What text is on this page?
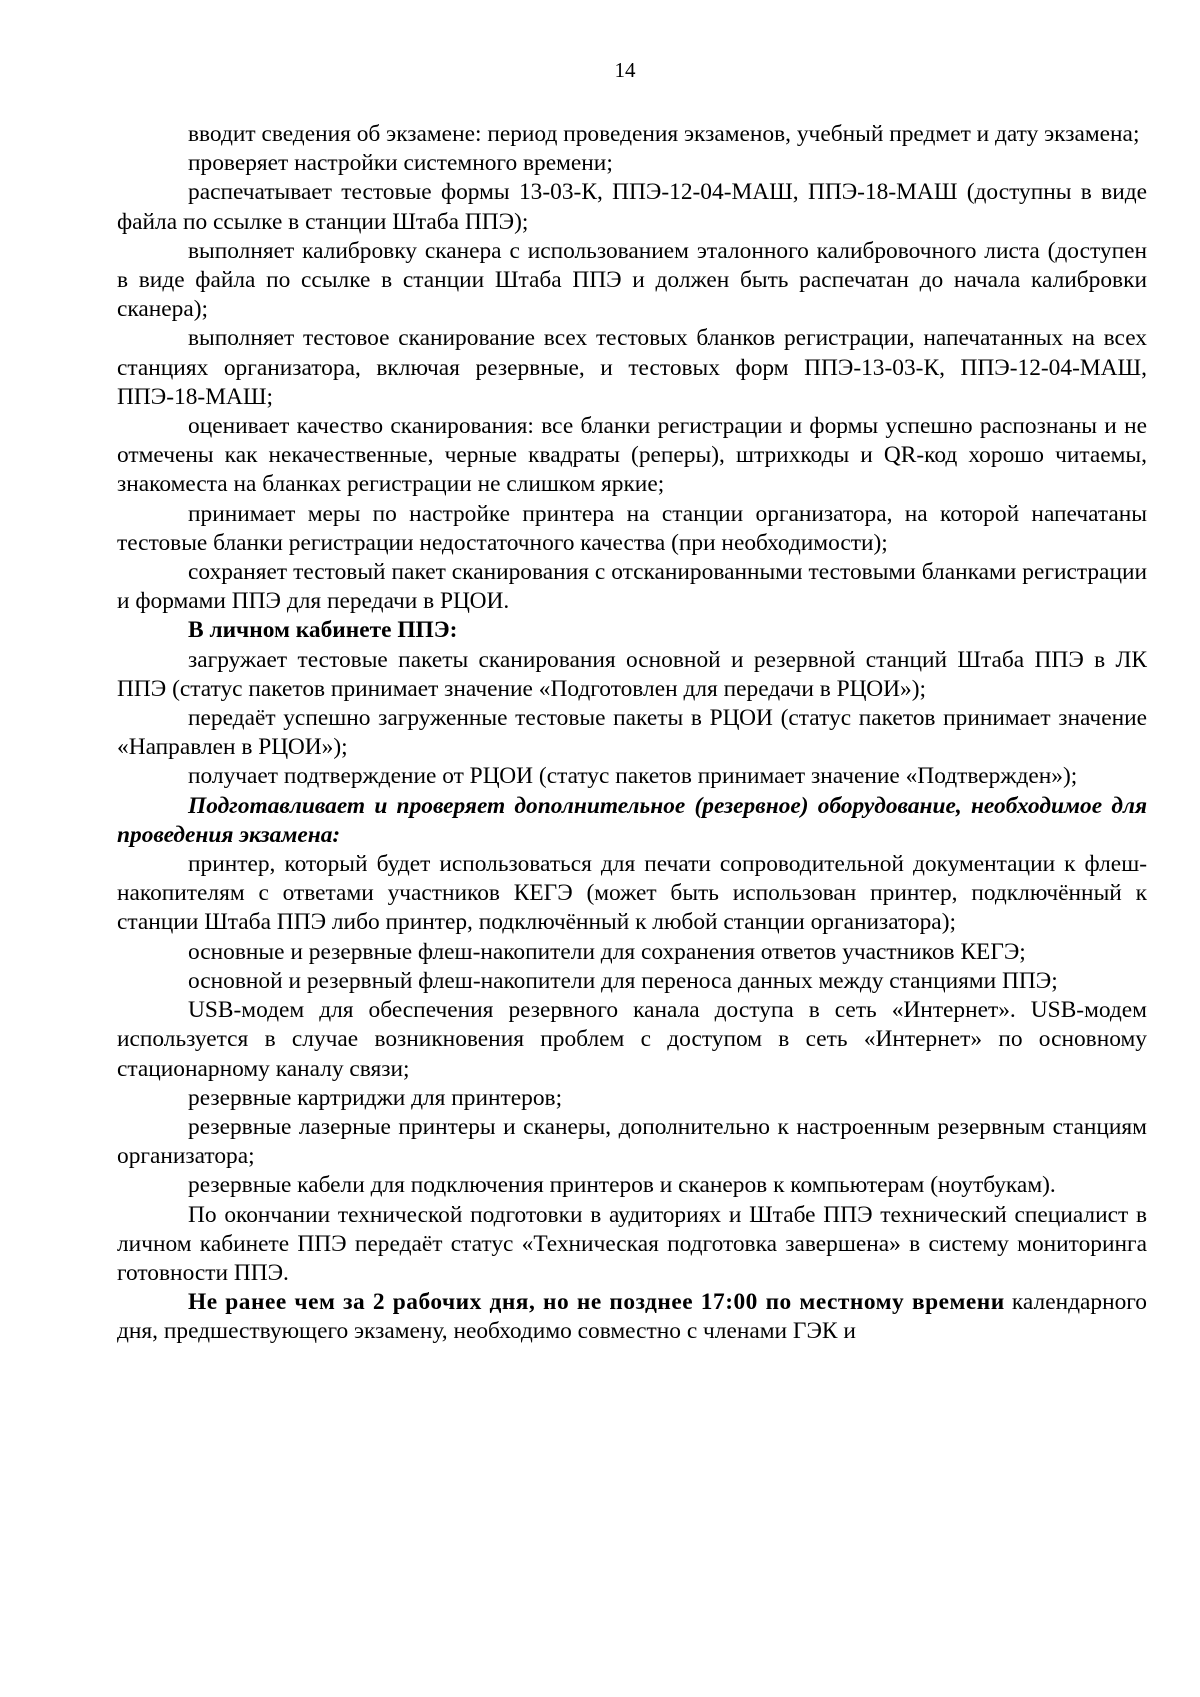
14

вводит сведения об экзамене: период проведения экзаменов, учебный предмет и дату экзамена;

проверяет настройки системного времени;

распечатывает тестовые формы 13-03-К, ППЭ-12-04-МАШ, ППЭ-18-МАШ (доступны в виде файла по ссылке в станции Штаба ППЭ);

выполняет калибровку сканера с использованием эталонного калибровочного листа (доступен в виде файла по ссылке в станции Штаба ППЭ и должен быть распечатан до начала калибровки сканера);

выполняет тестовое сканирование всех тестовых бланков регистрации, напечатанных на всех станциях организатора, включая резервные, и тестовых форм ППЭ-13-03-К, ППЭ-12-04-МАШ, ППЭ-18-МАШ;

оценивает качество сканирования: все бланки регистрации и формы успешно распознаны и не отмечены как некачественные, черные квадраты (реперы), штрихкоды и QR-код хорошо читаемы, знакоместа на бланках регистрации не слишком яркие;

принимает меры по настройке принтера на станции организатора, на которой напечатаны тестовые бланки регистрации недостаточного качества (при необходимости);

сохраняет тестовый пакет сканирования с отсканированными тестовыми бланками регистрации и формами ППЭ для передачи в РЦОИ.

В личном кабинете ППЭ:

загружает тестовые пакеты сканирования основной и резервной станций Штаба ППЭ в ЛК ППЭ (статус пакетов принимает значение «Подготовлен для передачи в РЦОИ»);

передаёт успешно загруженные тестовые пакеты в РЦОИ (статус пакетов принимает значение «Направлен в РЦОИ»);

получает подтверждение от РЦОИ (статус пакетов принимает значение «Подтвержден»);

Подготавливает и проверяет дополнительное (резервное) оборудование, необходимое для проведения экзамена:

принтер, который будет использоваться для печати сопроводительной документации к флеш-накопителям с ответами участников КЕГЭ (может быть использован принтер, подключённый к станции Штаба ППЭ либо принтер, подключённый к любой станции организатора);

основные и резервные флеш-накопители для сохранения ответов участников КЕГЭ;

основной и резервный флеш-накопители для переноса данных между станциями ППЭ;

USB-модем для обеспечения резервного канала доступа в сеть «Интернет». USB-модем используется в случае возникновения проблем с доступом в сеть «Интернет» по основному стационарному каналу связи;

резервные картриджи для принтеров;

резервные лазерные принтеры и сканеры, дополнительно к настроенным резервным станциям организатора;

резервные кабели для подключения принтеров и сканеров к компьютерам (ноутбукам).

По окончании технической подготовки в аудиториях и Штабе ППЭ технический специалист в личном кабинете ППЭ передаёт статус «Техническая подготовка завершена» в систему мониторинга готовности ППЭ.

Не ранее чем за 2 рабочих дня, но не позднее 17:00 по местному времени календарного дня, предшествующего экзамену, необходимо совместно с членами ГЭК и
